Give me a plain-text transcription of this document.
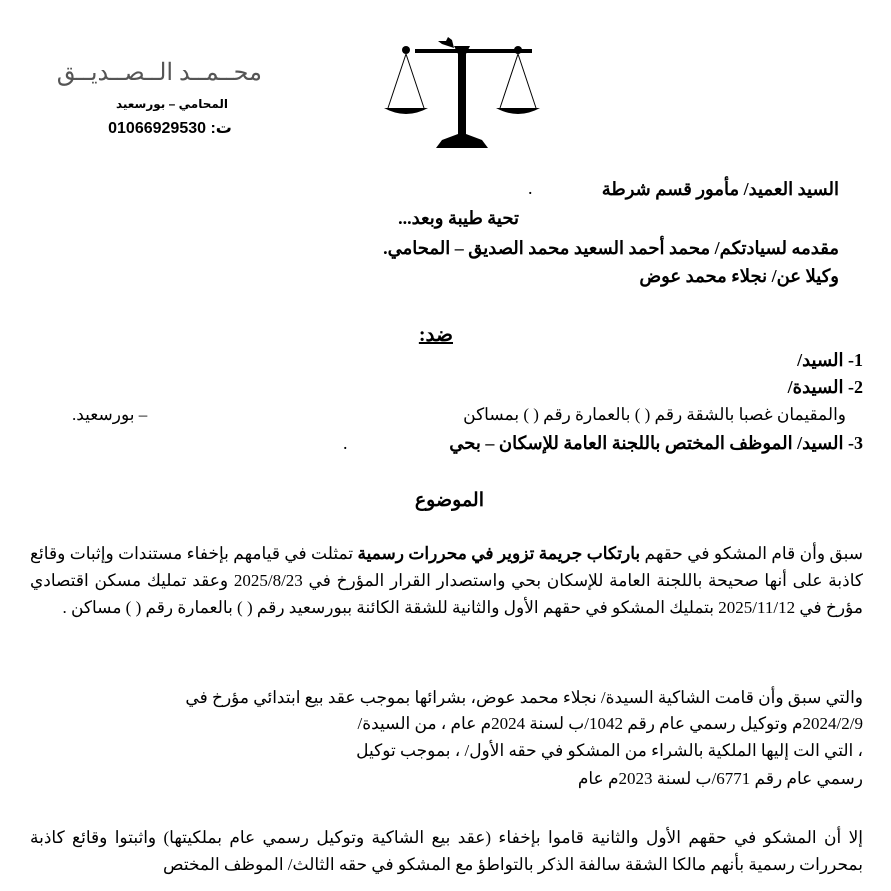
محــمــد الــصــديــق
المحامي – بورسعيد
ت: 01066929530
السيد العميد/ مأمور قسم شرطة
.
تحية طيبة وبعد...
مقدمه لسيادتكم/ محمد أحمد السعيد محمد الصديق – المحامي.
وكيلا عن/ نجلاء محمد عوض
ضد:
1- السيد/
2- السيدة/
والمقيمان غصبا بالشقة رقم ( ) بالعمارة رقم ( ) بمساكن
– بورسعيد.
3- السيد/ الموظف المختص باللجنة العامة للإسكان – بحي
.
الموضوع
سبق وأن قام المشكو في حقهم بارتكاب جريمة تزوير في محررات رسمية تمثلت في قيامهم بإخفاء مستندات وإثبات وقائع كاذبة على أنها صحيحة باللجنة العامة للإسكان بحي واستصدار القرار المؤرخ في 2025/8/23 وعقد تمليك مسكن اقتصادي مؤرخ في 2025/11/12 بتمليك المشكو في حقهم الأول والثانية للشقة الكائنة ببورسعيد رقم ( ) بالعمارة رقم ( ) مساكن .
والتي سبق وأن قامت الشاكية السيدة/ نجلاء محمد عوض، بشرائها بموجب عقد بيع ابتدائي مؤرخ في
2024/2/9م وتوكيل رسمي عام رقم 1042/ب لسنة 2024م عام ، من السيدة/
، التي الت إليها الملكية بالشراء من المشكو في حقه الأول/ ، بموجب توكيل
رسمي عام رقم 6771/ب لسنة 2023م عام
إلا أن المشكو في حقهم الأول والثانية قاموا بإخفاء (عقد بيع الشاكية وتوكيل رسمي عام بملكيتها) واثبتوا وقائع كاذبة بمحررات رسمية بأنهم مالكا الشقة سالفة الذكر بالتواطؤ مع المشكو في حقه الثالث/ الموظف المختص
